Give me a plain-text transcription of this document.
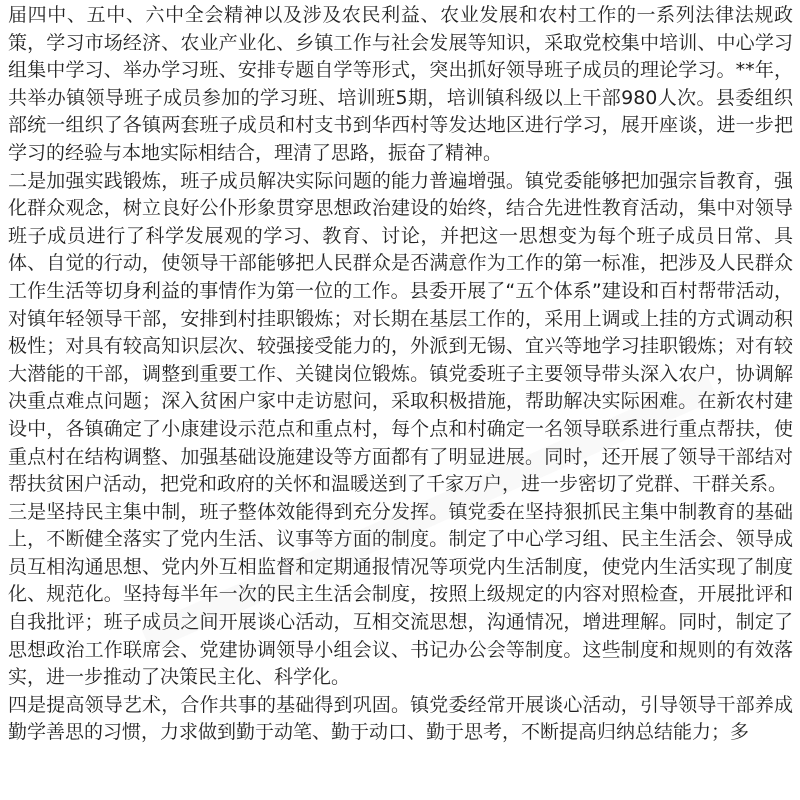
届四中、五中、六中全会精神以及涉及农民利益、农业发展和农村工作的一系列法律法规政策，学习市场经济、农业产业化、乡镇工作与社会发展等知识，采取党校集中培训、中心学习组集中学习、举办学习班、安排专题自学等形式，突出抓好领导班子成员的理论学习。**年，共举办镇领导班子成员参加的学习班、培训班5期，培训镇科级以上干部980人次。县委组织部统一组织了各镇两套班子成员和村支书到华西村等发达地区进行学习，展开座谈，进一步把学习的经验与本地实际相结合，理清了思路，振奋了精神。

二是加强实践锻炼，班子成员解决实际问题的能力普遍增强。镇党委能够把加强宗旨教育，强化群众观念，树立良好公仆形象贯穿思想政治建设的始终，结合先进性教育活动，集中对领导班子成员进行了科学发展观的学习、教育、讨论，并把这一思想变为每个班子成员日常、具体、自觉的行动，使领导干部能够把人民群众是否满意作为工作的第一标准，把涉及人民群众工作生活等切身利益的事情作为第一位的工作。县委开展了“五个体系”建设和百村帮带活动，对镇年轻领导干部，安排到村挂职锻炼；对长期在基层工作的，采用上调或上挂的方式调动积极性；对具有较高知识层次、较强接受能力的，外派到无锡、宜兴等地学习挂职锻炼；对有较大潜能的干部，调整到重要工作、关键岗位锻炼。镇党委班子主要领导带头深入农户，协调解决重点难点问题；深入贫困户家中走访慰问，采取积极措施，帮助解决实际困难。在新农村建设中，各镇确定了小康建设示范点和重点村，每个点和村确定一名领导联系进行重点帮扶，使重点村在结构调整、加强基础设施建设等方面都有了明显进展。同时，还开展了领导干部结对帮扶贫困户活动，把党和政府的关怀和温暖送到了千家万户，进一步密切了党群、干群关系。

三是坚持民主集中制，班子整体效能得到充分发挥。镇党委在坚持狠抓民主集中制教育的基础上，不断健全落实了党内生活、议事等方面的制度。制定了中心学习组、民主生活会、领导成员互相沟通思想、党内外互相监督和定期通报情况等项党内生活制度，使党内生活实现了制度化、规范化。坚持每半年一次的民主生活会制度，按照上级规定的内容对照检查，开展批评和自我批评；班子成员之间开展谈心活动，互相交流思想，沟通情况，增进理解。同时，制定了思想政治工作联席会、党建协调领导小组会议、书记办公会等制度。这些制度和规则的有效落实，进一步推动了决策民主化、科学化。

四是提高领导艺术，合作共事的基础得到巩固。镇党委经常开展谈心活动，引导领导干部养成勤学善思的习惯，力求做到勤于动笔、勤于动口、勤于思考，不断提高归纳总结能力；多
